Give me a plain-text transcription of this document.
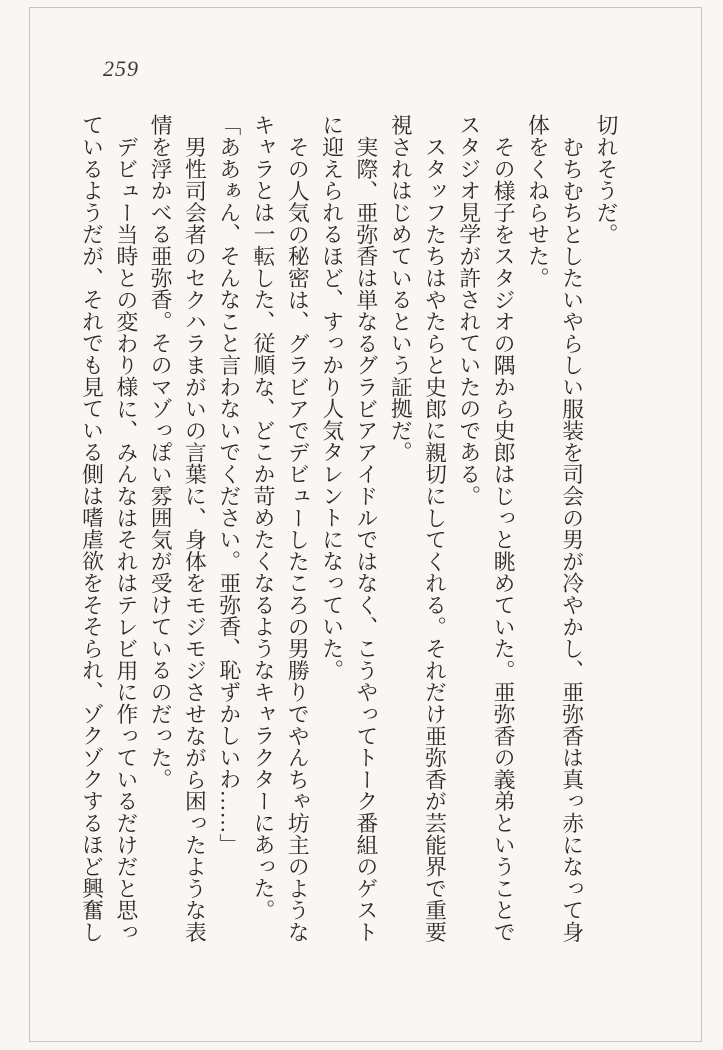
259

切れそうだ。

むちむちとしたいやらしい服装を司会の男が冷やかし、亜弥香は真っ赤になって身体をくねらせた。

その様子をスタジオの隅から史郎はじっと眺めていた。亜弥香の義弟ということでスタジオ見学が許されていたのである。

スタッフたちはやたらと史郎に親切にしてくれる。それだけ亜弥香が芸能界で重要視されはじめているという証拠だ。

実際、亜弥香は単なるグラビアアイドルではなく、こうやってトーク番組のゲストに迎えられるほど、すっかり人気タレントになっていた。

その人気の秘密は、グラビアでデビューしたころの男勝りでやんちゃ坊主のようなキャラとは一転した、従順な、どこか苛めたくなるようなキャラクターにあった。

「ああぁん、そんなこと言わないでください。亜弥香、恥ずかしいわ……」

男性司会者のセクハラまがいの言葉に、身体をモジモジさせながら困ったような表情を浮かべる亜弥香。そのマゾっぽい雰囲気が受けているのだった。

デビュー当時との変わり様に、みんなはそれはテレビ用に作っているだけだと思っているようだが、それでも見ている側は嗜虐欲をそそられ、ゾクゾクするほど興奮し
